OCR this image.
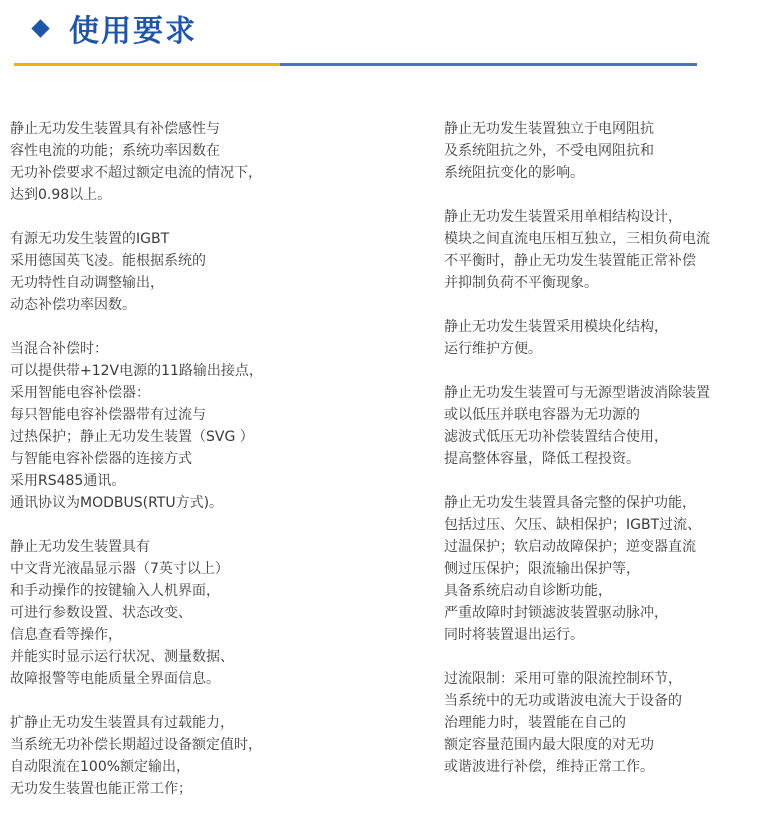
使用要求
静止无功发生装置具有补偿感性与
容性电流的功能；系统功率因数在
无功补偿要求不超过额定电流的情况下，
达到0.98以上。
有源无功发生装置的IGBT
采用德国英飞凌。能根据系统的
无功特性自动调整输出，
动态补偿功率因数。
当混合补偿时：
可以提供带+12V电源的11路输出接点，
采用智能电容补偿器：
每只智能电容补偿器带有过流与
过热保护；静止无功发生装置（SVG ）
与智能电容补偿器的连接方式
采用RS485通讯。
通讯协议为MODBUS(RTU方式)。
静止无功发生装置具有
中文背光液晶显示器（7英寸以上）
和手动操作的按键输入人机界面，
可进行参数设置、状态改变、
信息查看等操作，
并能实时显示运行状况、测量数据、
故障报警等电能质量全界面信息。
扩静止无功发生装置具有过载能力，
当系统无功补偿长期超过设备额定值时，
自动限流在100%额定输出，
无功发生装置也能正常工作；
静止无功发生装置独立于电网阻抗
及系统阻抗之外，不受电网阻抗和
系统阻抗变化的影响。
静止无功发生装置采用单相结构设计，
模块之间直流电压相互独立，三相负荷电流
不平衡时，静止无功发生装置能正常补偿
并抑制负荷不平衡现象。
静止无功发生装置采用模块化结构，
运行维护方便。
静止无功发生装置可与无源型谐波消除装置
或以低压并联电容器为无功源的
滤波式低压无功补偿装置结合使用，
提高整体容量，降低工程投资。
静止无功发生装置具备完整的保护功能，
包括过压、欠压、缺相保护；IGBT过流、
过温保护；软启动故障保护；逆变器直流
侧过压保护；限流输出保护等，
具备系统启动自诊断功能，
严重故障时封锁滤波装置驱动脉冲，
同时将装置退出运行。
过流限制：采用可靠的限流控制环节，
当系统中的无功或谐波电流大于设备的
治理能力时，装置能在自己的
额定容量范围内最大限度的对无功
或谐波进行补偿，维持正常工作。
